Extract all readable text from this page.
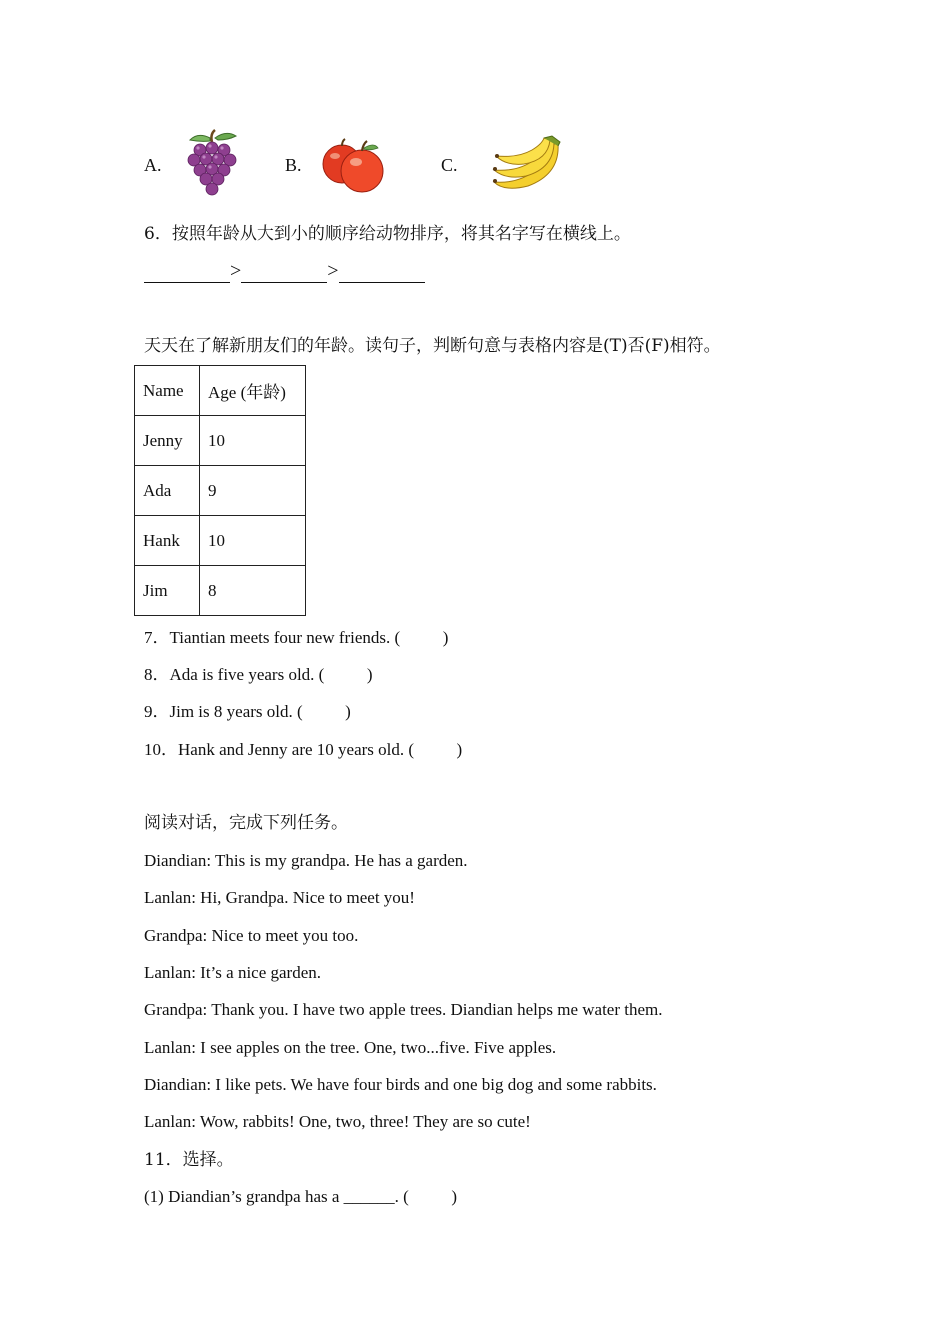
A.	B.	C.
6．按照年龄从大到小的顺序给动物排序，将其名字写在横线上。
>	>
天天在了解新朋友们的年龄。读句子，判断句意与表格内容是(T)否(F)相符。
Name	Age (年龄)
Jenny	10
Ada	9
Hank	10
Jim	8
7．Tiantian meets four new friends. (          )
8．Ada is five years old. (          )
9．Jim is 8 years old. (          )
10．Hank and Jenny are 10 years old. (          )
阅读对话，完成下列任务。
Diandian: This is my grandpa. He has a garden.
Lanlan: Hi, Grandpa. Nice to meet you!
Grandpa: Nice to meet you too.
Lanlan: It’s a nice garden.
Grandpa: Thank you. I have two apple trees. Diandian helps me water them.
Lanlan: I see apples on the tree. One, two...five. Five apples.
Diandian: I like pets. We have four birds and one big dog and some rabbits.
Lanlan: Wow, rabbits! One, two, three! They are so cute!
11．选择。
(1) Diandian’s grandpa has a ______. (          )
